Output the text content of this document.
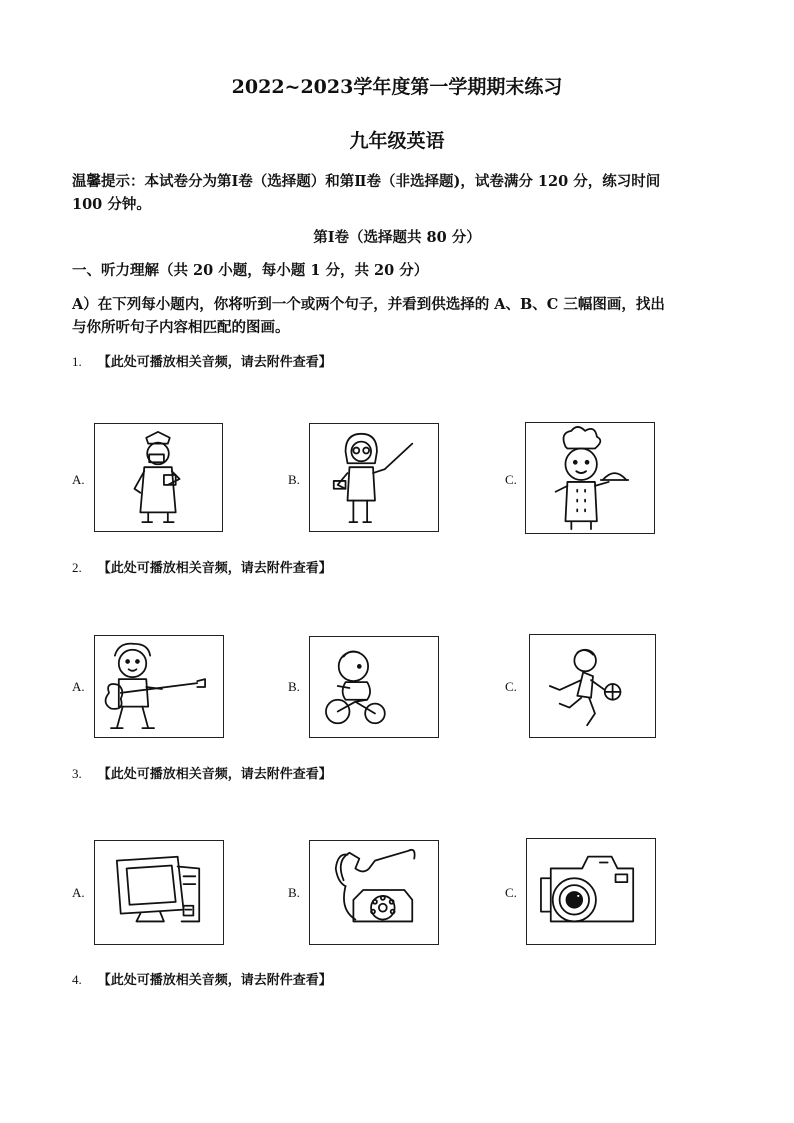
2022~2023学年度第一学期期末练习
九年级英语
温馨提示：本试卷分为第Ⅰ卷（选择题）和第Ⅱ卷（非选择题)，试卷满分 120 分，练习时间
100 分钟。
第Ⅰ卷（选择题共 80 分）
一、听力理解（共 20 小题，每小题 1 分，共 20 分）
A）在下列每小题内，你将听到一个或两个句子，并看到供选择的 A、B、C 三幅图画，找出
与你所听句子内容相匹配的图画。
1. 【此处可播放相关音频，请去附件查看】
A.	B.	C.
2. 【此处可播放相关音频，请去附件查看】
A.	B.	C.
3. 【此处可播放相关音频，请去附件查看】
A.	B.	C.
4. 【此处可播放相关音频，请去附件查看】
